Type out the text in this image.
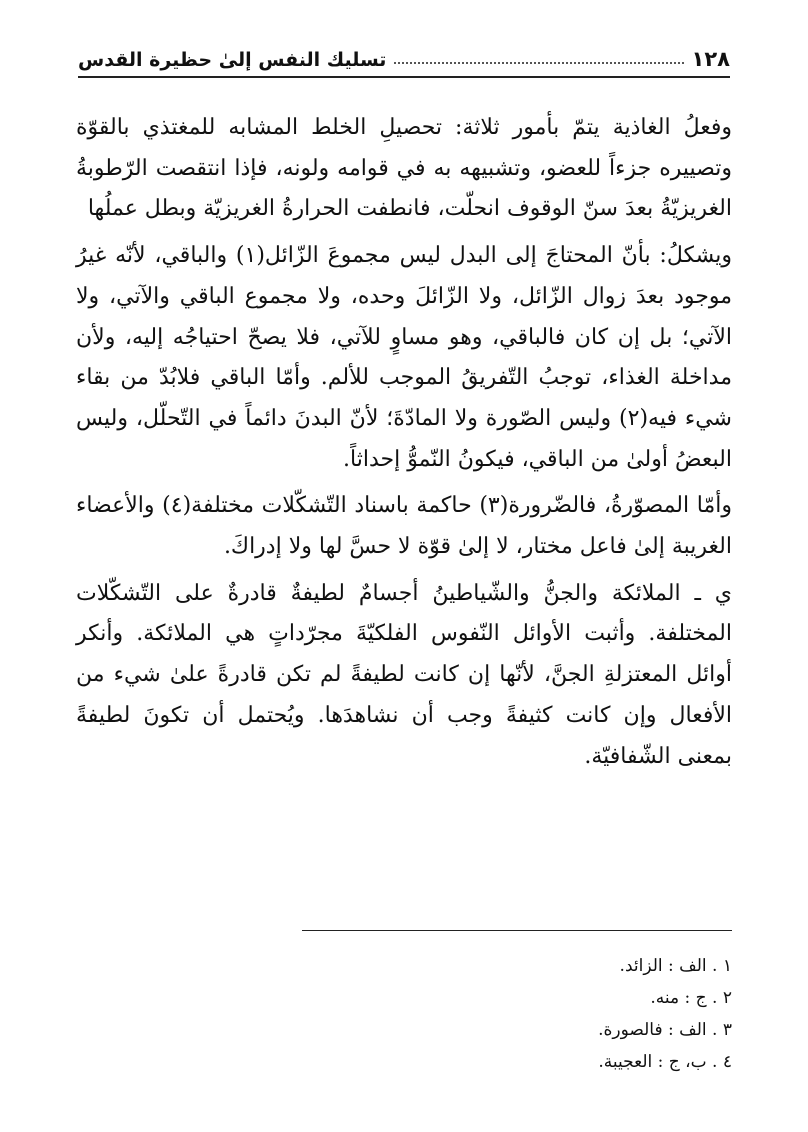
١٢٨
تسليك النفس إلىٰ حظيرة القدس

وفعلُ الغاذية يتمّ بأمور ثلاثة: تحصيلِ الخلط المشابه للمغتذي بالقوّة وتصييره جزءاً للعضو، وتشبيهه به في قوامه ولونه، فإذا انتقصت الرّطوبةُ الغريزيّةُ بعدَ سنّ الوقوف انحلّت، فانطفت الحرارةُ الغريزيّة وبطل عملُها

ويشكلُ: بأنّ المحتاجَ إلى البدل ليس مجموعَ الزّائل(١) والباقي، لأنّه غيرُ موجود بعدَ زوال الزّائل، ولا الزّائلَ وحده، ولا مجموع الباقي والآتي، ولا الآتي؛ بل إن كان فالباقي، وهو مساوٍ للآتي، فلا يصحّ احتياجُه إليه، ولأن مداخلة الغذاء، توجبُ التّفريقُ الموجب للألم. وأمّا الباقي فلابُدّ من بقاء شيء فيه(٢) وليس الصّورة ولا المادّةَ؛ لأنّ البدنَ دائماً في التّحلّل، وليس البعضُ أولىٰ من الباقي، فيكونُ النّموُّ إحداثاً.

وأمّا المصوّرةُ، فالضّرورة(٣) حاكمة باسناد التّشكّلات مختلفة(٤) والأعضاء الغريبة إلىٰ فاعل مختار، لا إلىٰ قوّة لا حسَّ لها ولا إدراكَ.

ي ـ الملائكة والجنُّ والشّياطينُ أجسامٌ لطيفةٌ قادرةٌ على التّشكّلات المختلفة. وأثبت الأوائل النّفوس الفلكيّةَ مجرّداتٍ هي الملائكة. وأنكر أوائل المعتزلةِ الجنَّ، لأنّها إن كانت لطيفةً لم تكن قادرةً علىٰ شيء من الأفعال وإن كانت كثيفةً وجب أن نشاهدَها. ويُحتمل أن تكونَ لطيفةً بمعنى الشّفافيّة.

١ . الف : الزائد.
٢ . ج : منه.
٣ . الف : فالصورة.
٤ . ب، ج : العجيبة.
